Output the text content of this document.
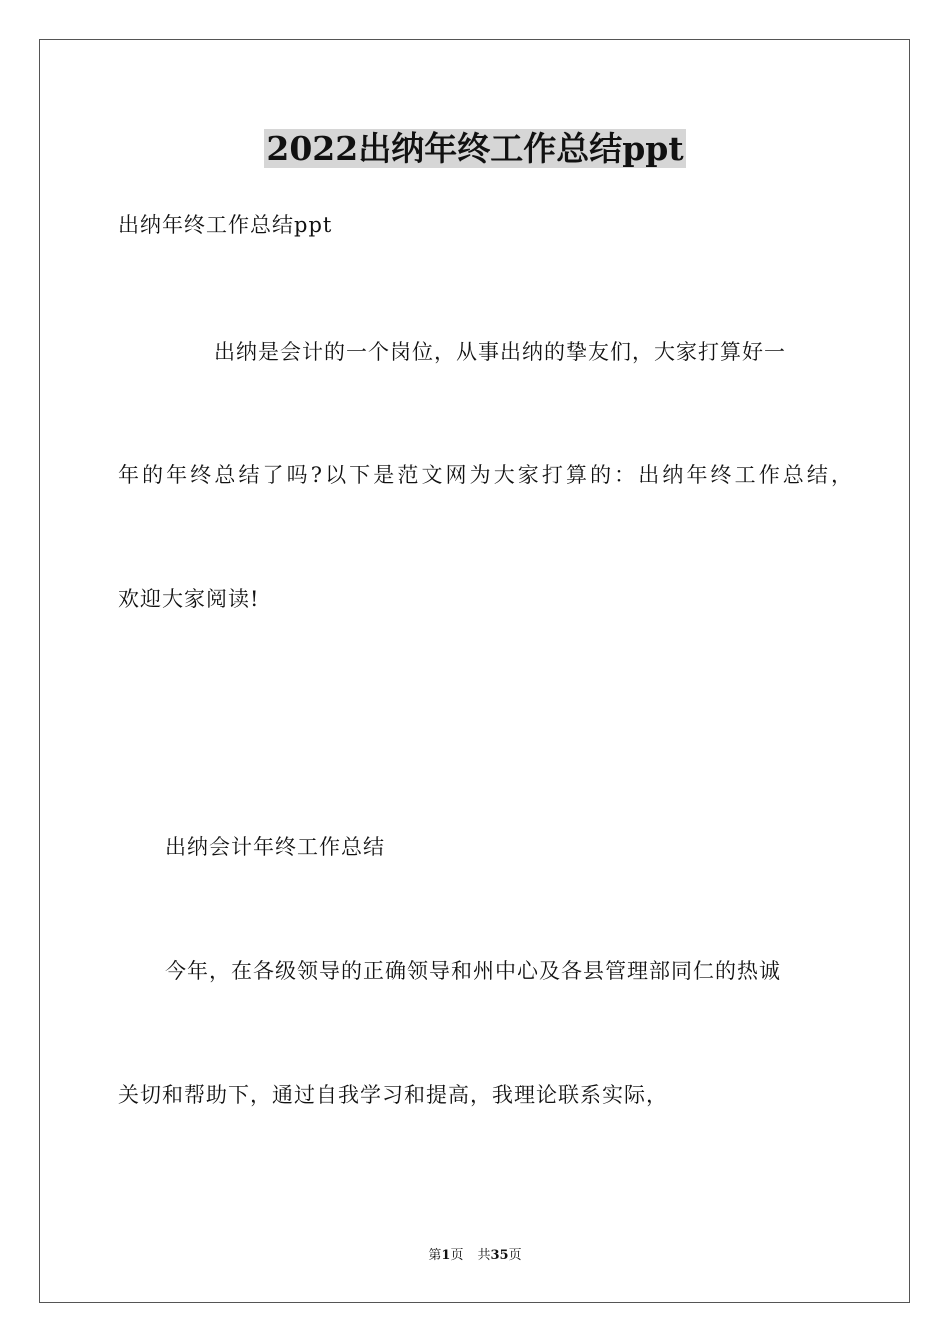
2022出纳年终工作总结ppt
出纳年终工作总结ppt
出纳是会计的一个岗位，从事出纳的挚友们，大家打算好一
年的年终总结了吗?以下是范文网为大家打算的：出纳年终工作总结，
欢迎大家阅读!
出纳会计年终工作总结
今年，在各级领导的正确领导和州中心及各县管理部同仁的热诚
关切和帮助下，通过自我学习和提高，我理论联系实际，
第1页 共35页
